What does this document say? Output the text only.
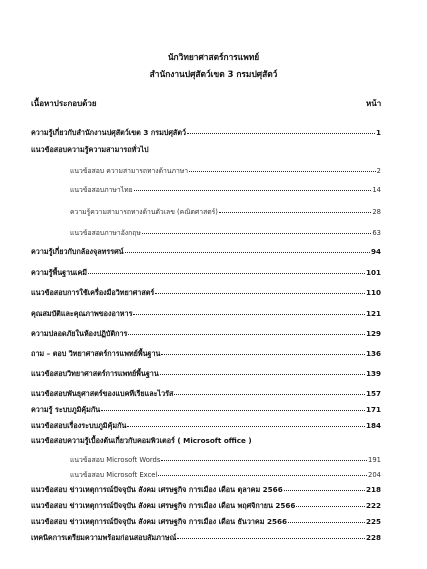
นักวิทยาศาสตร์การแพทย์
สำนักงานปศุสัตว์เขต 3 กรมปศุสัตว์
เนื้อหาประกอบด้วย	หน้า
ความรู้เกี่ยวกับสำนักงานปศุสัตว์เขต 3 กรมปศุสัตว์	1
แนวข้อสอบความรู้ความสามารถทั่วไป
แนวข้อสอบ ความสามารถทางด้านภาษา	2
แนวข้อสอบภาษาไทย	14
ความรู้ความสามารถทางด้านตัวเลข (คณิตศาสตร์)	28
แนวข้อสอบภาษาอังกฤษ	63
ความรู้เกี่ยวกับกล้องจุลทรรศน์	94
ความรู้พื้นฐานเคมี	101
แนวข้อสอบการใช้เครื่องมือวิทยาศาสตร์	110
คุณสมบัติและคุณภาพของอาหาร	121
ความปลอดภัยในห้องปฏิบัติการ	129
ถาม – ตอบ วิทยาศาสตร์การแพทย์พื้นฐาน	136
แนวข้อสอบวิทยาศาสตร์การแพทย์พื้นฐาน	139
แนวข้อสอบพันธุศาสตร์ของแบคทีเรียและไวรัส	157
ความรู้ ระบบภูมิคุ้มกัน	171
แนวข้อสอบเรื่องระบบภูมิคุ้มกัน	184
แนวข้อสอบความรู้เบื้องต้นเกี่ยวกับคอมพิวเตอร์ ( Microsoft office )
แนวข้อสอบ Microsoft Words	191
แนวข้อสอบ Microsoft Excel	204
แนวข้อสอบ ข่าวเหตุการณ์ปัจจุบัน สังคม เศรษฐกิจ การเมือง เดือน ตุลาคม 2566	218
แนวข้อสอบ ข่าวเหตุการณ์ปัจจุบัน สังคม เศรษฐกิจ การเมือง เดือน พฤศจิกายน 2566	222
แนวข้อสอบ ข่าวเหตุการณ์ปัจจุบัน สังคม เศรษฐกิจ การเมือง เดือน ธันวาคม 2566	225
เทคนิคการเตรียมความพร้อมก่อนสอบสัมภาษณ์	228
